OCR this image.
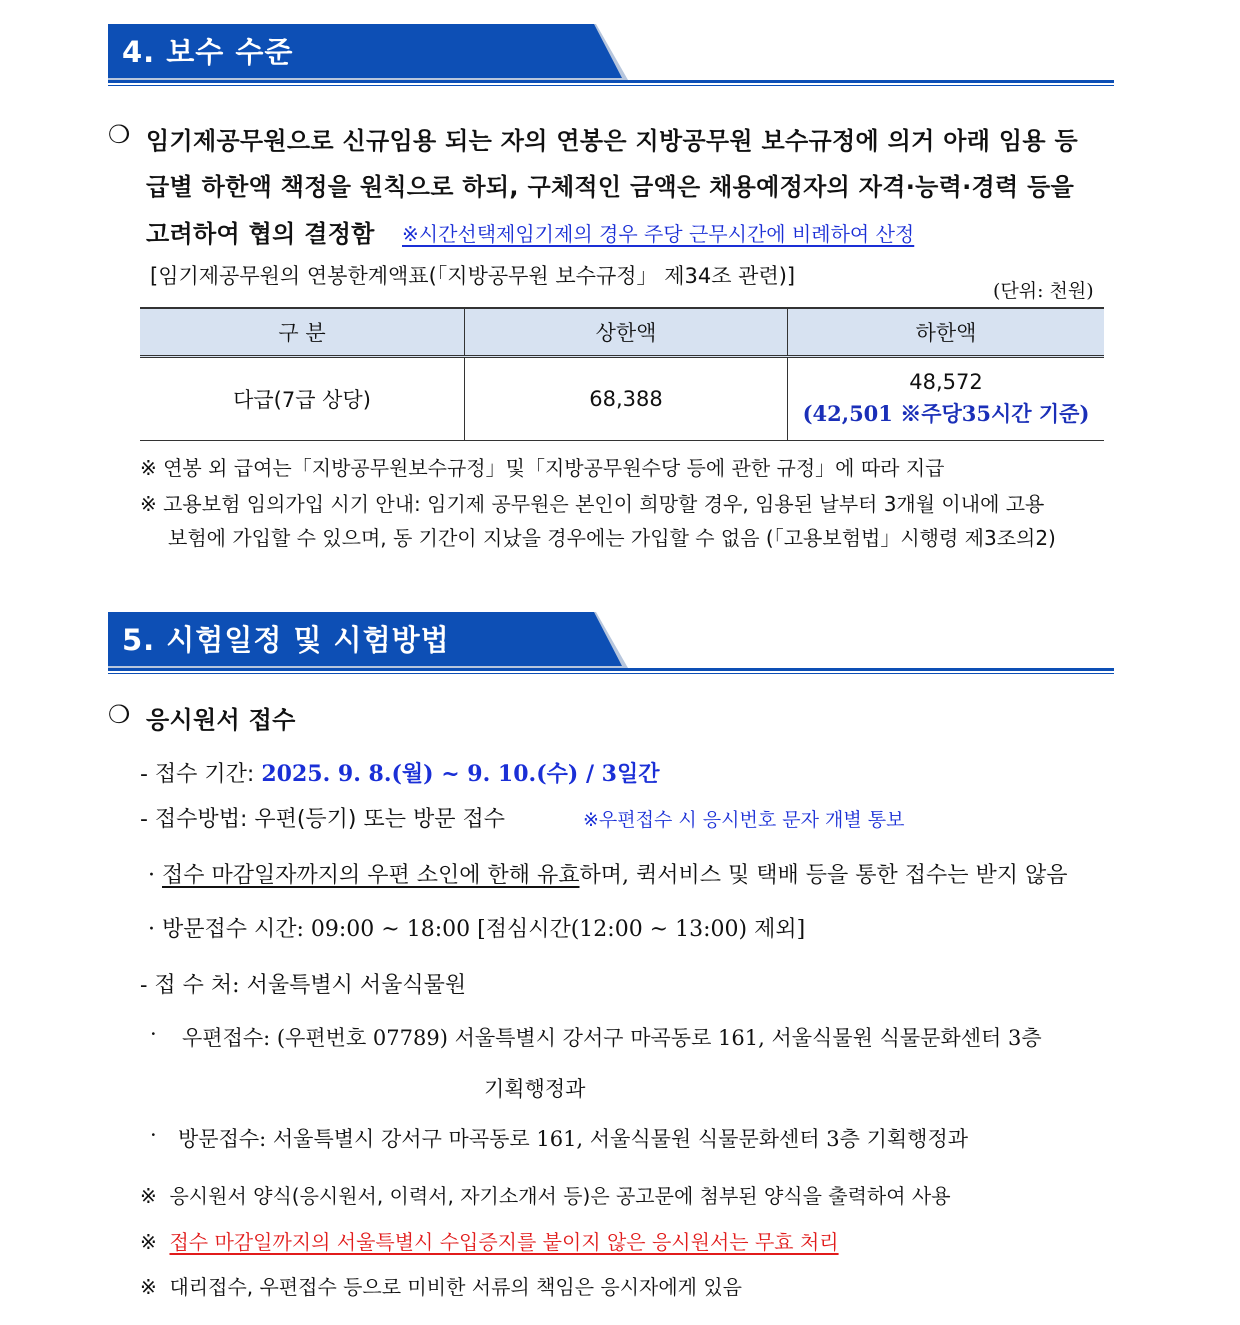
4. 보수 수준
❍ 임기제공무원으로 신규임용 되는 자의 연봉은 지방공무원 보수규정에 의거 아래 임용 등
급별 하한액 책정을 원칙으로 하되, 구체적인 금액은 채용예정자의 자격·능력·경력 등을
고려하여 협의 결정함 ※시간선택제임기제의 경우 주당 근무시간에 비례하여 산정
[임기제공무원의 연봉한계액표(「지방공무원 보수규정」 제34조 관련)]
(단위: 천원)
구 분	상한액	하한액
다급(7급 상당)	68,388	48,572
(42,501 ※주당35시간 기준)
※ 연봉 외 급여는「지방공무원보수규정」및「지방공무원수당 등에 관한 규정」에 따라 지급
※ 고용보험 임의가입 시기 안내: 임기제 공무원은 본인이 희망할 경우, 임용된 날부터 3개월 이내에 고용
보험에 가입할 수 있으며, 동 기간이 지났을 경우에는 가입할 수 없음 (「고용보험법」시행령 제3조의2)
5. 시험일정 및 시험방법
❍ 응시원서 접수
- 접수 기간: 2025. 9. 8.(월) ~ 9. 10.(수) / 3일간
- 접수방법: 우편(등기) 또는 방문 접수	※우편접수 시 응시번호 문자 개별 통보
· 접수 마감일자까지의 우편 소인에 한해 유효하며, 퀵서비스 및 택배 등을 통한 접수는 받지 않음
· 방문접수 시간: 09:00 ~ 18:00 [점심시간(12:00 ~ 13:00) 제외]
- 접 수 처: 서울특별시 서울식물원
· 우편접수: (우편번호 07789) 서울특별시 강서구 마곡동로 161, 서울식물원 식물문화센터 3층
기획행정과
· 방문접수: 서울특별시 강서구 마곡동로 161, 서울식물원 식물문화센터 3층 기획행정과
※ 응시원서 양식(응시원서, 이력서, 자기소개서 등)은 공고문에 첨부된 양식을 출력하여 사용
※ 접수 마감일까지의 서울특별시 수입증지를 붙이지 않은 응시원서는 무효 처리
※ 대리접수, 우편접수 등으로 미비한 서류의 책임은 응시자에게 있음
